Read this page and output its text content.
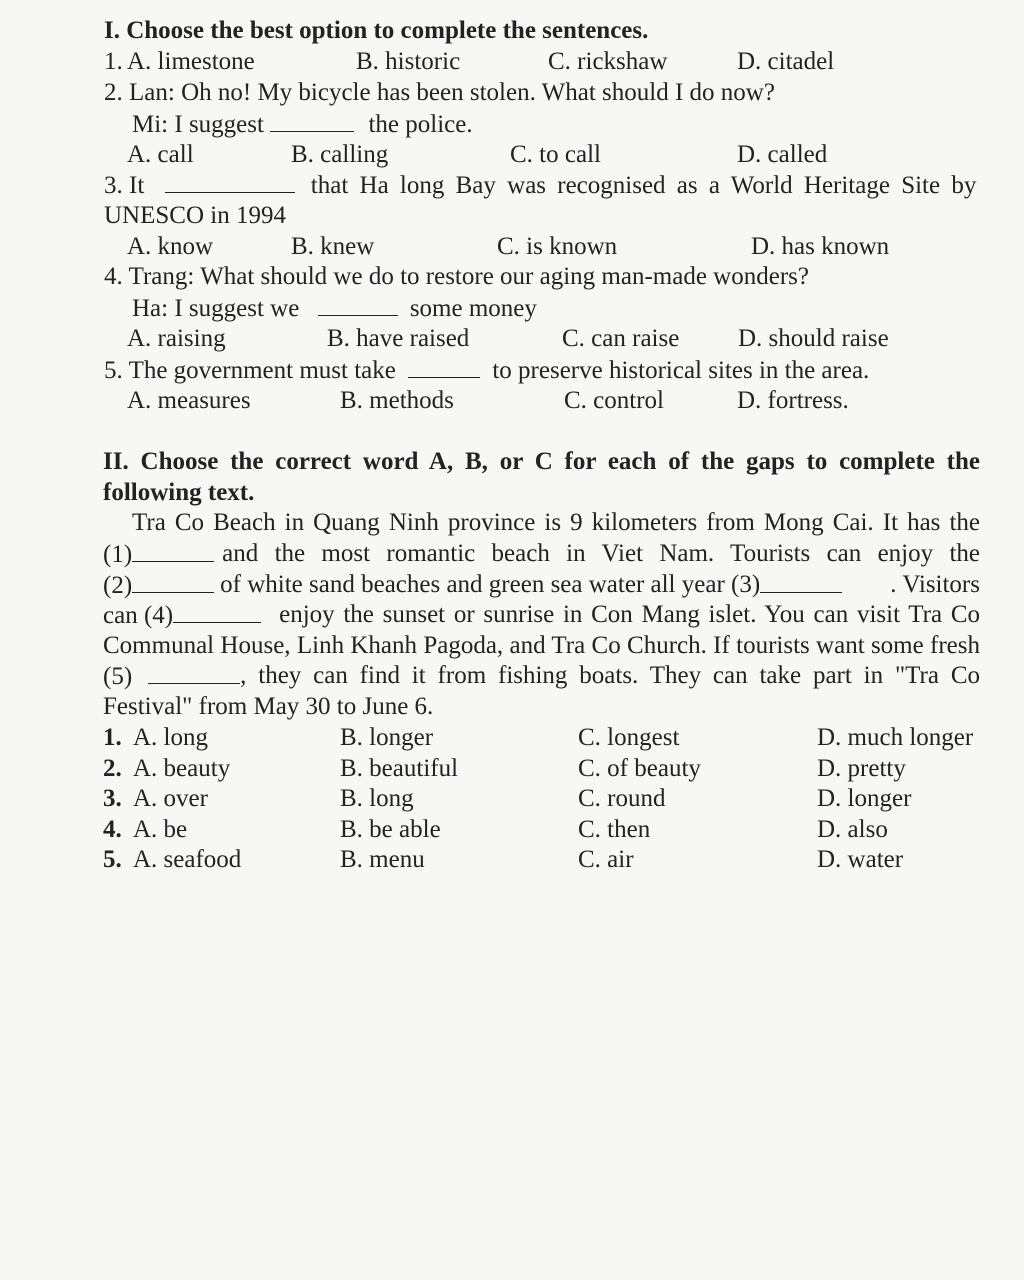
I. Choose the best option to complete the sentences.
1. A. limestone	B. historic	C. rickshaw	D. citadel
2. Lan: Oh no! My bicycle has been stolen. What should I do now?
Mi: I suggest	the police.
A. call	B. calling	C. to call	D. called
3. It	that Ha long Bay was recognised as a World Heritage Site by
UNESCO in 1994
A. know	B. knew	C. is known	D. has known
4. Trang: What should we do to restore our aging man-made wonders?
Ha: I suggest we	some money
A. raising	B. have raised	C. can raise D. should raise
5. The government must take	to preserve historical sites in the area.
A. measures	B. methods	C. control	D. fortress.
II. Choose the correct word A, B, or C for each of the gaps to complete the
following text.
Tra Co Beach in Quang Ninh province is 9 kilometers from Mong Cai. It has the
(1)	and the most romantic beach in Viet Nam. Tourists can enjoy the
(2)	of white sand beaches and green sea water all year (3)	. Visitors
can (4)	enjoy the sunset or sunrise in Con Mang islet. You can visit Tra Co
Communal House, Linh Khanh Pagoda, and Tra Co Church. If tourists want some fresh
(5)	, they can find it from fishing boats. They can take part in "Tra Co
Festival" from May 30 to June 6.
1. A. long	B. longer	C. longest	D. much longer
2. A. beauty	B. beautiful	C. of beauty	D. pretty
3. A. over	B. long	C. round	D. longer
4. A. be	B. be able	C. then	D. also
5. A. seafood	B. menu	C. air	D. water
